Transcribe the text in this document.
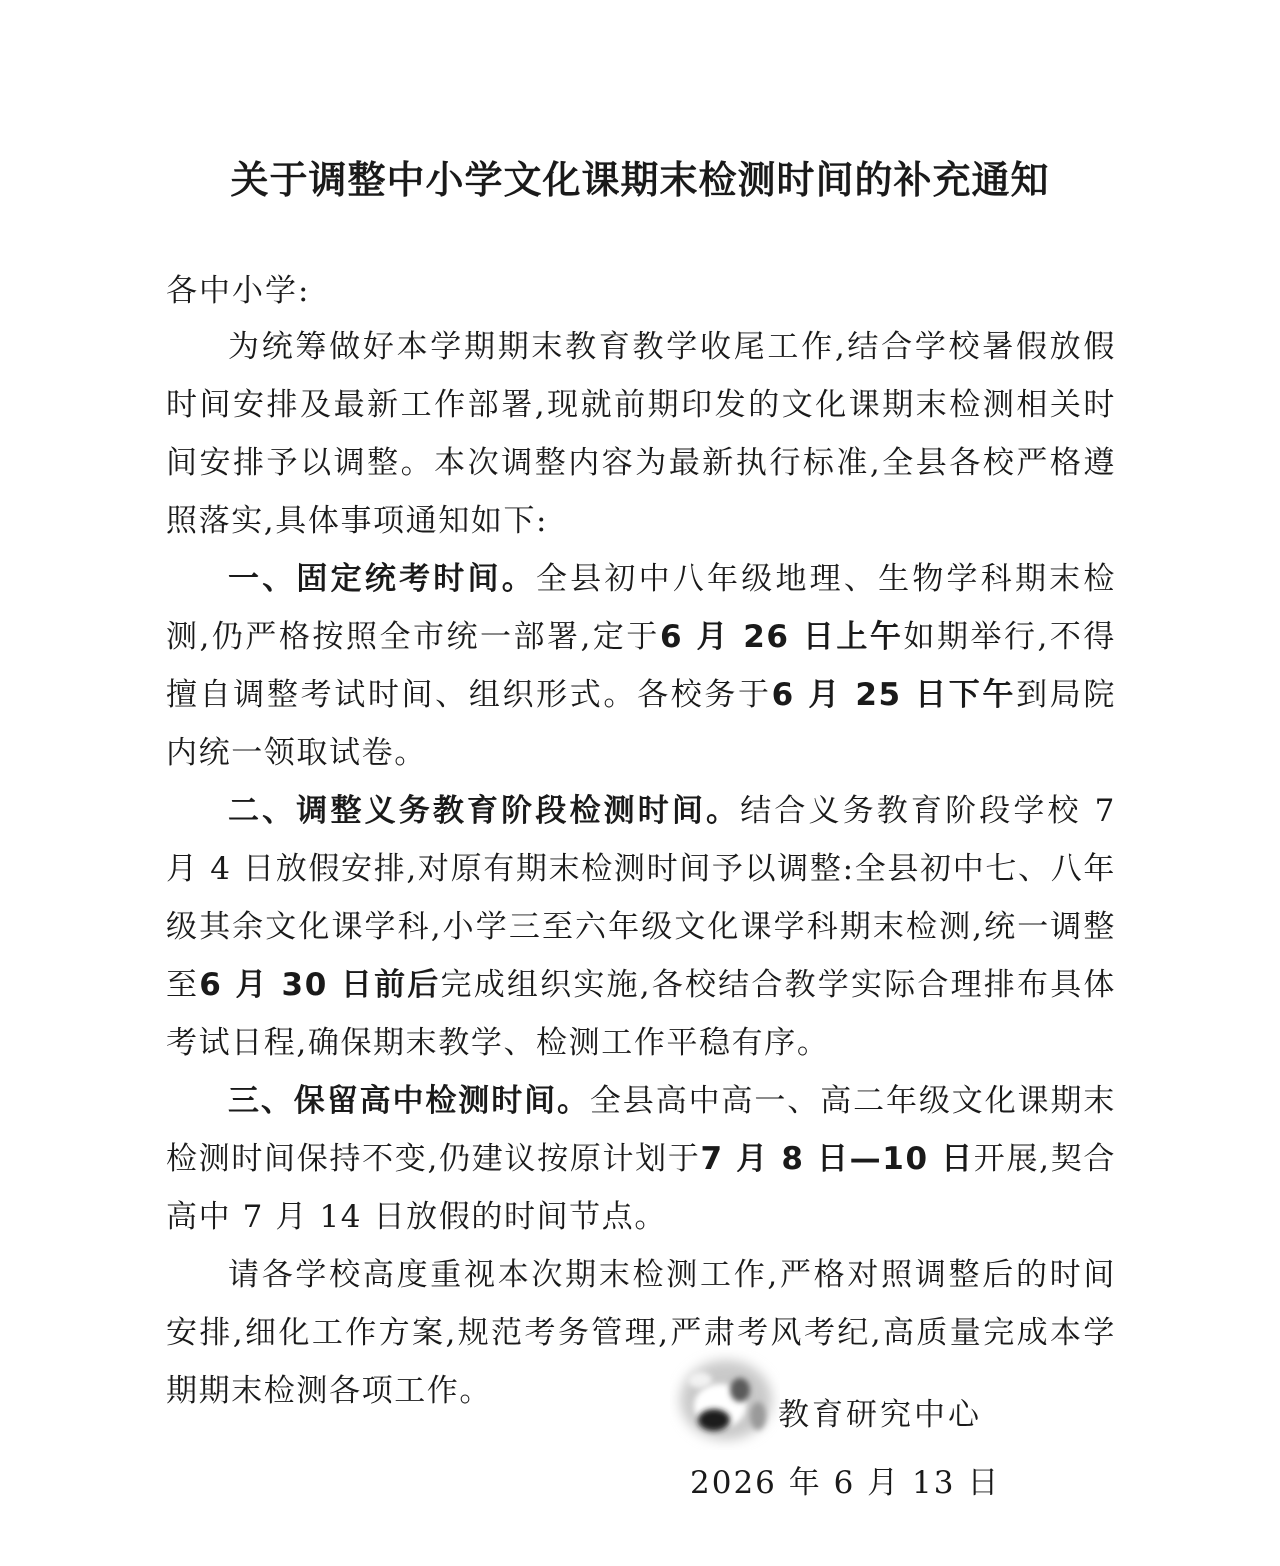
关于调整中小学文化课期末检测时间的补充通知

各中小学:

为统筹做好本学期期末教育教学收尾工作,结合学校暑假放假时间安排及最新工作部署,现就前期印发的文化课期末检测相关时间安排予以调整。本次调整内容为最新执行标准,全县各校严格遵照落实,具体事项通知如下:

一、固定统考时间。全县初中八年级地理、生物学科期末检测,仍严格按照全市统一部署,定于6 月 26 日上午如期举行,不得擅自调整考试时间、组织形式。各校务于6 月 25 日下午到局院内统一领取试卷。

二、调整义务教育阶段检测时间。结合义务教育阶段学校 7 月 4 日放假安排,对原有期末检测时间予以调整:全县初中七、八年级其余文化课学科,小学三至六年级文化课学科期末检测,统一调整至6 月 30 日前后完成组织实施,各校结合教学实际合理排布具体考试日程,确保期末教学、检测工作平稳有序。

三、保留高中检测时间。全县高中高一、高二年级文化课期末检测时间保持不变,仍建议按原计划于7 月 8 日—10 日开展,契合高中 7 月 14 日放假的时间节点。

请各学校高度重视本次期末检测工作,严格对照调整后的时间安排,细化工作方案,规范考务管理,严肃考风考纪,高质量完成本学期期末检测各项工作。

教育研究中心
2026 年 6 月 13 日
